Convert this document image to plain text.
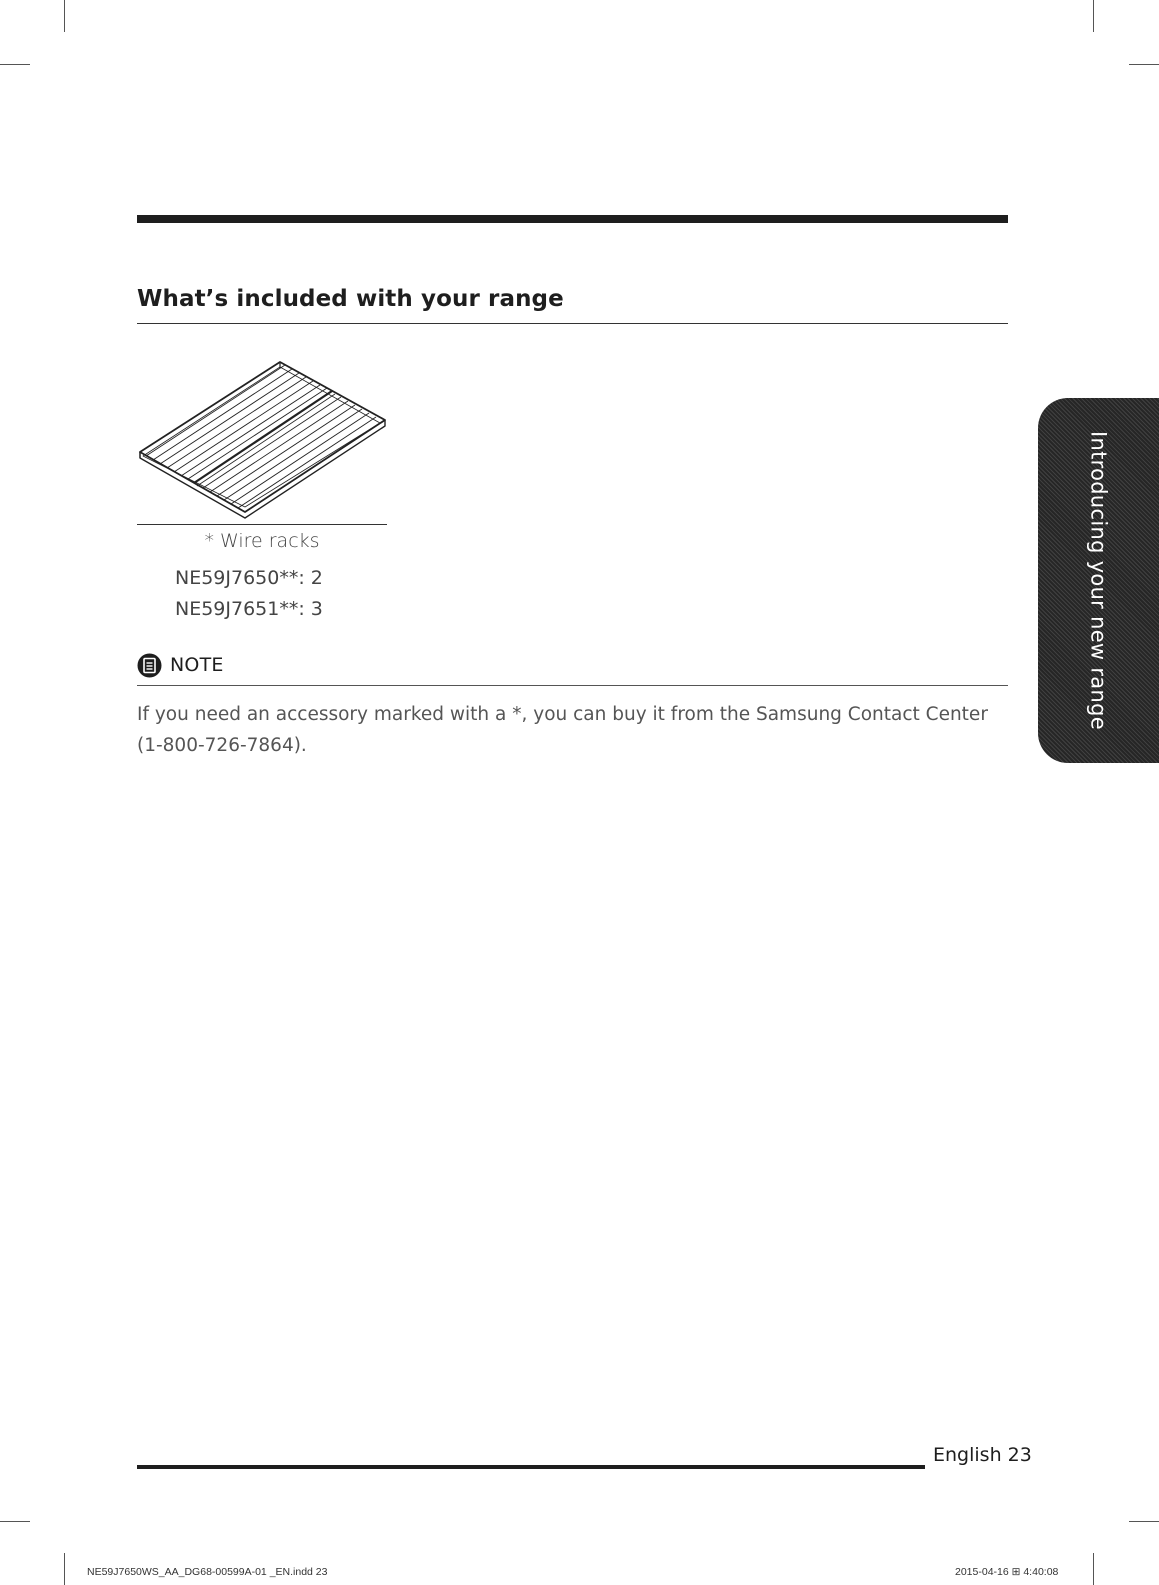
What’s included with your range
* Wire racks
NE59J7650**: 2
NE59J7651**: 3
NOTE

If you need an accessory marked with a *, you can buy it from the Samsung Contact Center (1-800-726-7864).

Introducing your new range
English 23
NE59J7650WS_AA_DG68-00599A-01 _EN.indd 23	2015-04-16 ⊞ 4:40:08
